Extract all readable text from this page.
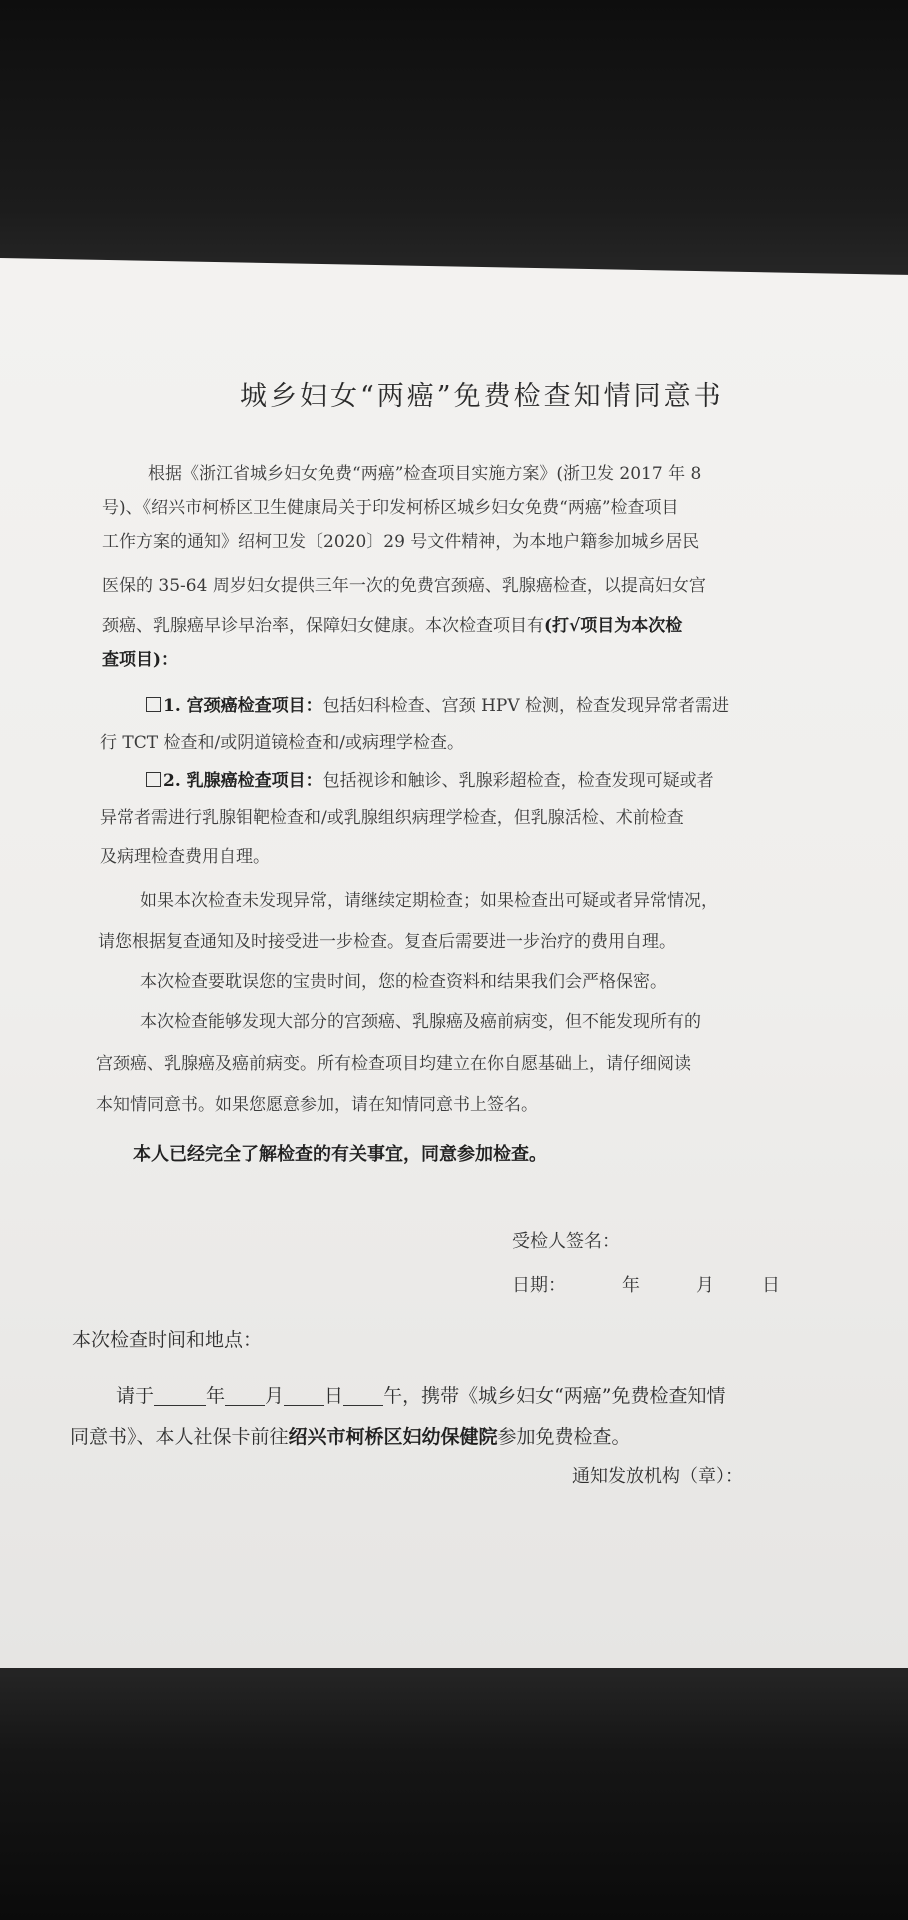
城乡妇女“两癌”免费检查知情同意书
根据《浙江省城乡妇女免费“两癌”检查项目实施方案》(浙卫发 2017 年 8
号)、《绍兴市柯桥区卫生健康局关于印发柯桥区城乡妇女免费“两癌”检查项目
工作方案的通知》绍柯卫发〔2020〕29 号文件精神，为本地户籍参加城乡居民
医保的 35-64 周岁妇女提供三年一次的免费宫颈癌、乳腺癌检查，以提高妇女宫
颈癌、乳腺癌早诊早治率，保障妇女健康。本次检查项目有(打√项目为本次检
查项目)：
1. 宫颈癌检查项目：包括妇科检查、宫颈 HPV 检测，检查发现异常者需进
行 TCT 检查和/或阴道镜检查和/或病理学检查。
2. 乳腺癌检查项目：包括视诊和触诊、乳腺彩超检查，检查发现可疑或者
异常者需进行乳腺钼靶检查和/或乳腺组织病理学检查，但乳腺活检、术前检查
及病理检查费用自理。
如果本次检查未发现异常，请继续定期检查；如果检查出可疑或者异常情况，
请您根据复查通知及时接受进一步检查。复查后需要进一步治疗的费用自理。
本次检查要耽误您的宝贵时间，您的检查资料和结果我们会严格保密。
本次检查能够发现大部分的宫颈癌、乳腺癌及癌前病变，但不能发现所有的
宫颈癌、乳腺癌及癌前病变。所有检查项目均建立在你自愿基础上，请仔细阅读
本知情同意书。如果您愿意参加，请在知情同意书上签名。
本人已经完全了解检查的有关事宜，同意参加检查。
受检人签名：
日期：	年	月	日
本次检查时间和地点：
请于	年 月 日 午，携带《城乡妇女“两癌”免费检查知情
同意书》、本人社保卡前往绍兴市柯桥区妇幼保健院参加免费检查。
通知发放机构（章）：
